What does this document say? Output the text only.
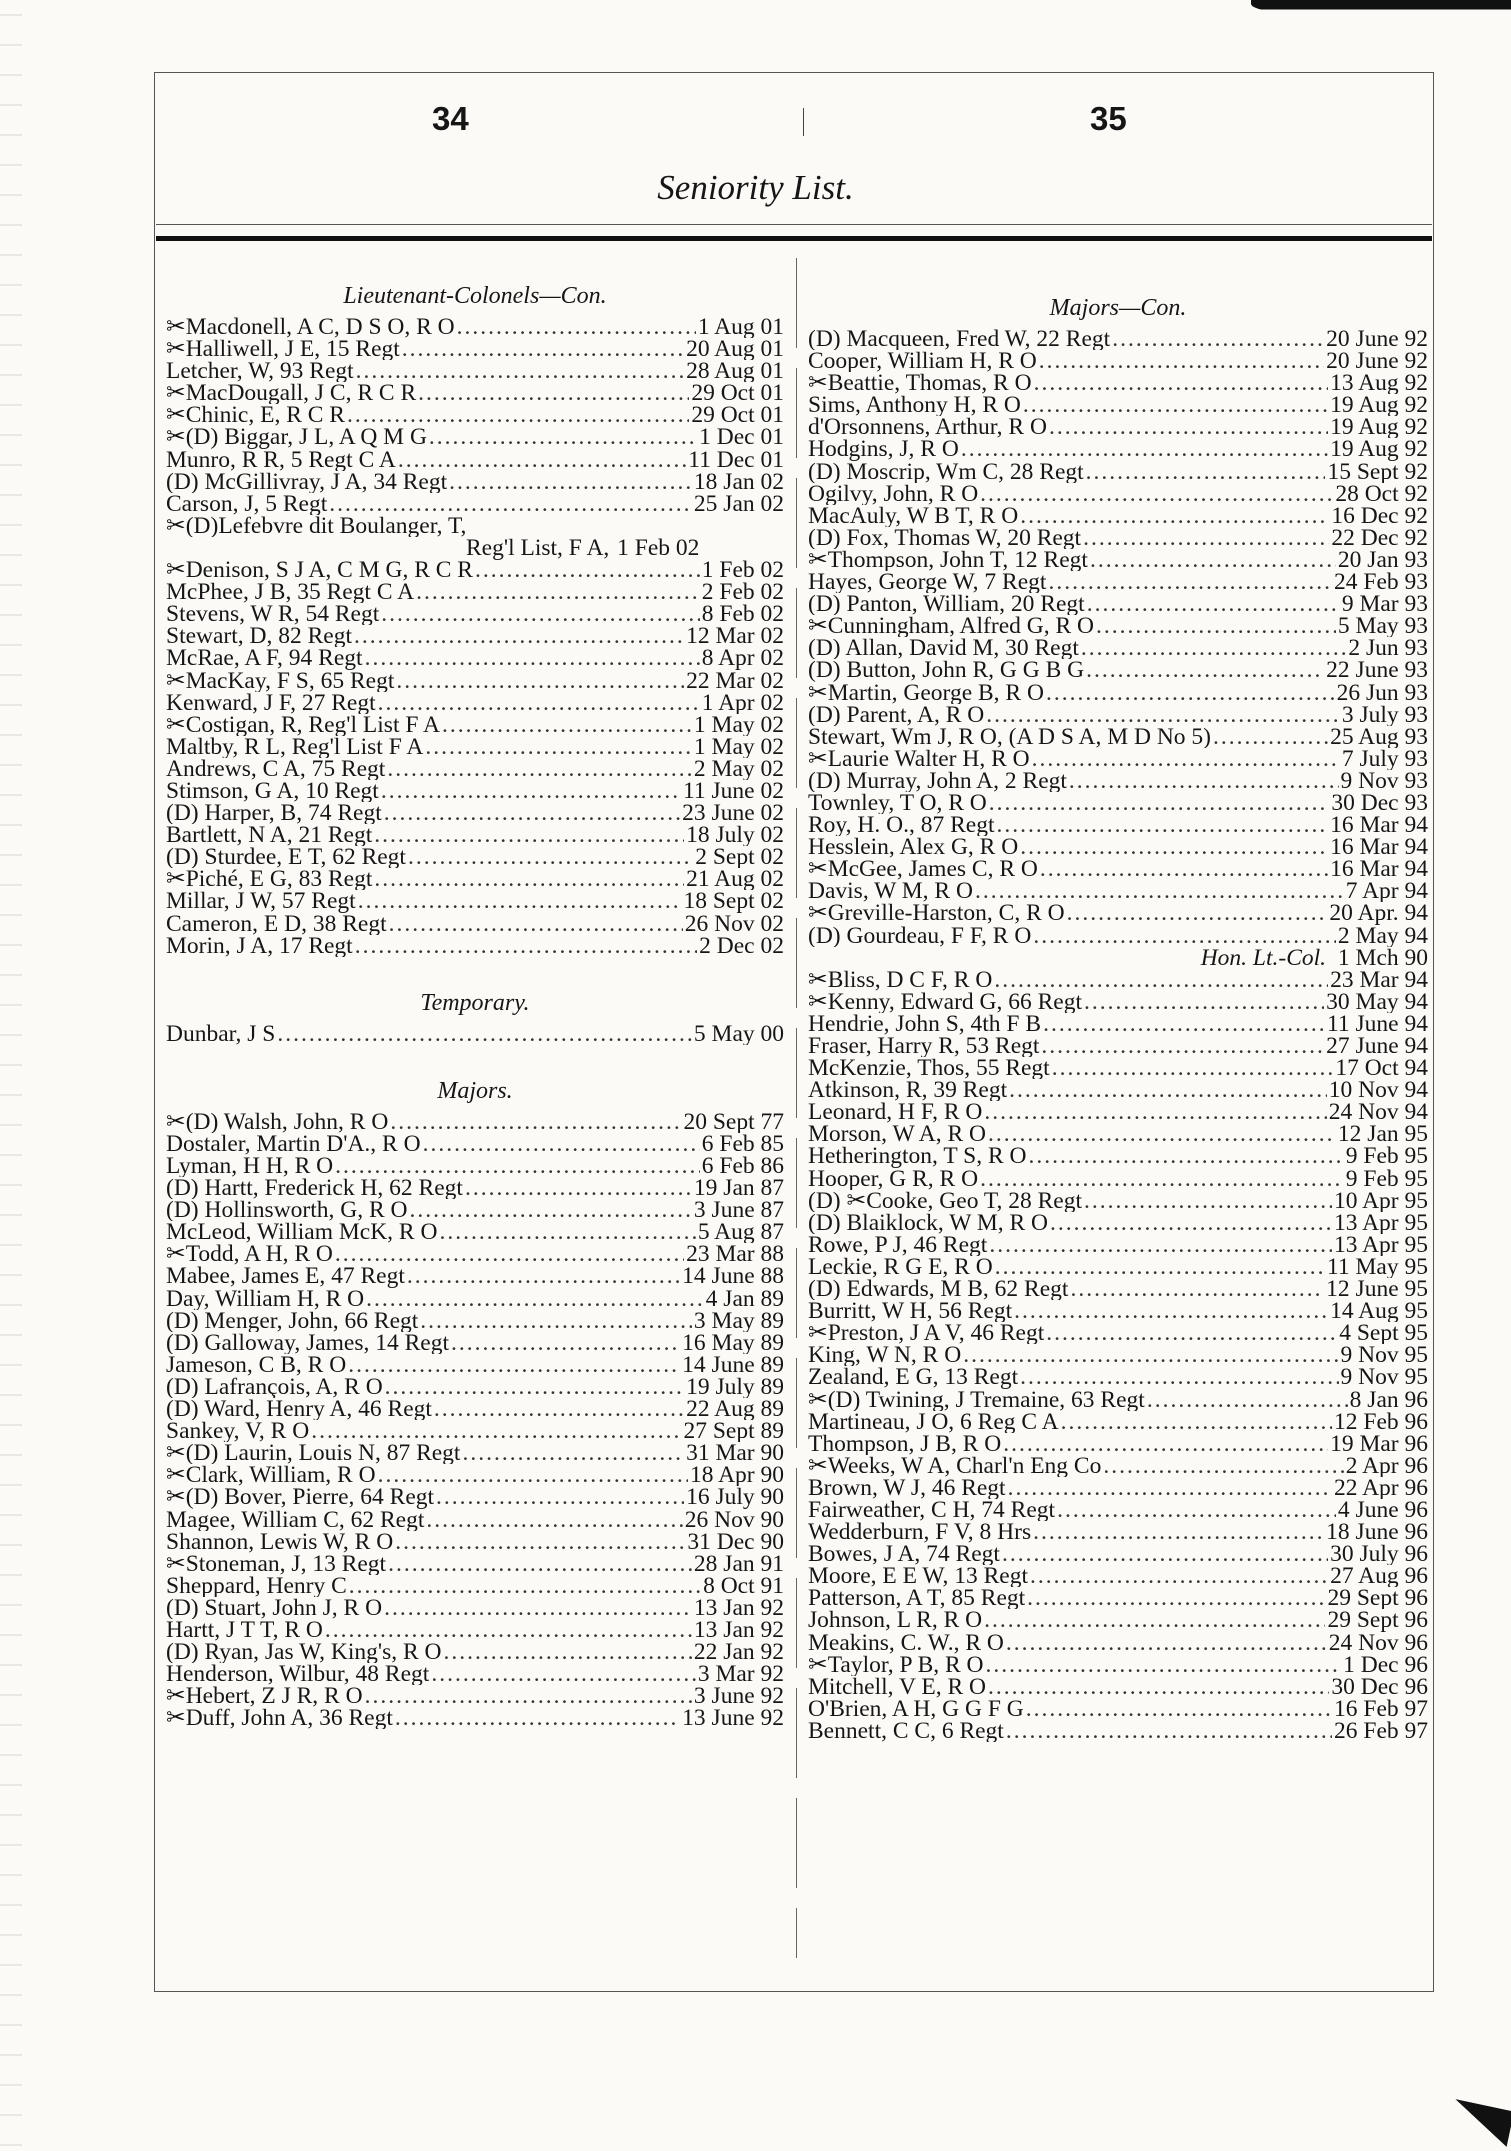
34	35
Seniority List.
Lieutenant-Colonels—Con.
✂Macdonell, A C, D S O, R O .....	1 Aug 01
✂Halliwell, J E, 15 Regt .....	20 Aug 01
Letcher, W, 93 Regt .....	28 Aug 01
✂MacDougall, J C, R C R .....	29 Oct 01
✂Chinic, E, R C R .....	29 Oct 01
✂(D) Biggar, J L, A Q M G .....	1 Dec 01
Munro, R R, 5 Regt C A .....	11 Dec 01
(D) McGillivray, J A, 34 Regt .....	18 Jan 02
Carson, J, 5 Regt .....	25 Jan 02
✂(D)Lefebvre dit Boulanger, T,
Reg'l List, F A, 1 Feb 02
✂Denison, S J A, C M G, R C R .....	1 Feb 02
McPhee, J B, 35 Regt C A .....	2 Feb 02
Stevens, W R, 54 Regt .....	8 Feb 02
Stewart, D, 82 Regt .....	12 Mar 02
McRae, A F, 94 Regt .....	8 Apr 02
✂MacKay, F S, 65 Regt .....	22 Mar 02
Kenward, J F, 27 Regt .....	1 Apr 02
✂Costigan, R, Reg'l List F A .....	1 May 02
Maltby, R L, Reg'l List F A .....	1 May 02
Andrews, C A, 75 Regt .....	2 May 02
Stimson, G A, 10 Regt .....	11 June 02
(D) Harper, B, 74 Regt .....	23 June 02
Bartlett, N A, 21 Regt .....	18 July 02
(D) Sturdee, E T, 62 Regt .....	2 Sept 02
✂Piché, E G, 83 Regt .....	21 Aug 02
Millar, J W, 57 Regt .....	18 Sept 02
Cameron, E D, 38 Regt .....	26 Nov 02
Morin, J A, 17 Regt .....	2 Dec 02
Temporary.
Dunbar, J S .....	5 May 00
Majors.
✂(D) Walsh, John, R O .....	20 Sept 77
Dostaler, Martin D'A., R O .....	6 Feb 85
Lyman, H H, R O .....	6 Feb 86
(D) Hartt, Frederick H, 62 Regt .....	19 Jan 87
(D) Hollinsworth, G, R O .....	3 June 87
McLeod, William McK, R O .....	5 Aug 87
✂Todd, A H, R O .....	23 Mar 88
Mabee, James E, 47 Regt .....	14 June 88
Day, William H, R O .....	4 Jan 89
(D) Menger, John, 66 Regt .....	3 May 89
(D) Galloway, James, 14 Regt .....	16 May 89
Jameson, C B, R O .....	14 June 89
(D) Lafrançois, A, R O .....	19 July 89
(D) Ward, Henry A, 46 Regt .....	22 Aug 89
Sankey, V, R O .....	27 Sept 89
✂(D) Laurin, Louis N, 87 Regt .....	31 Mar 90
✂Clark, William, R O .....	18 Apr 90
✂(D) Bover, Pierre, 64 Regt .....	16 July 90
Magee, William C, 62 Regt .....	26 Nov 90
Shannon, Lewis W, R O .....	31 Dec 90
✂Stoneman, J, 13 Regt .....	28 Jan 91
Sheppard, Henry C .....	8 Oct 91
(D) Stuart, John J, R O .....	13 Jan 92
Hartt, J T T, R O .....	13 Jan 92
(D) Ryan, Jas W, King's, R O .....	22 Jan 92
Henderson, Wilbur, 48 Regt .....	3 Mar 92
✂Hebert, Z J R, R O .....	3 June 92
✂Duff, John A, 36 Regt .....	13 June 92
Majors—Con.
(D) Macqueen, Fred W, 22 Regt .....	20 June 92
Cooper, William H, R O .....	20 June 92
✂Beattie, Thomas, R O .....	13 Aug 92
Sims, Anthony H, R O .....	19 Aug 92
d'Orsonnens, Arthur, R O .....	19 Aug 92
Hodgins, J, R O .....	19 Aug 92
(D) Moscrip, Wm C, 28 Regt .....	15 Sept 92
Ogilvy, John, R O .....	28 Oct 92
MacAuly, W B T, R O .....	16 Dec 92
(D) Fox, Thomas W, 20 Regt .....	22 Dec 92
✂Thompson, John T, 12 Regt .....	20 Jan 93
Hayes, George W, 7 Regt .....	24 Feb 93
(D) Panton, William, 20 Regt .....	9 Mar 93
✂Cunningham, Alfred G, R O .....	5 May 93
(D) Allan, David M, 30 Regt .....	2 Jun 93
(D) Button, John R, G G B G .....	22 June 93
✂Martin, George B, R O .....	26 Jun 93
(D) Parent, A, R O .....	3 July 93
Stewart, Wm J, R O, (A D S A, M D No 5) .....	25 Aug 93
✂Laurie Walter H, R O .....	7 July 93
(D) Murray, John A, 2 Regt .....	9 Nov 93
Townley, T O, R O .....	30 Dec 93
Roy, H. O., 87 Regt .....	16 Mar 94
Hesslein, Alex G, R O .....	16 Mar 94
✂McGee, James C, R O .....	16 Mar 94
Davis, W M, R O .....	7 Apr 94
✂Greville-Harston, C, R O .....	20 Apr. 94
(D) Gourdeau, F F, R O .....	2 May 94
Hon. Lt.-Col. 1 Mch 90
✂Bliss, D C F, R O .....	23 Mar 94
✂Kenny, Edward G, 66 Regt .....	30 May 94
Hendrie, John S, 4th F B .....	11 June 94
Fraser, Harry R, 53 Regt .....	27 June 94
McKenzie, Thos, 55 Regt .....	17 Oct 94
Atkinson, R, 39 Regt .....	10 Nov 94
Leonard, H F, R O .....	24 Nov 94
Morson, W A, R O .....	12 Jan 95
Hetherington, T S, R O .....	9 Feb 95
Hooper, G R, R O .....	9 Feb 95
(D) ✂Cooke, Geo T, 28 Regt .....	10 Apr 95
(D) Blaiklock, W M, R O .....	13 Apr 95
Rowe, P J, 46 Regt .....	13 Apr 95
Leckie, R G E, R O .....	11 May 95
(D) Edwards, M B, 62 Regt .....	12 June 95
Burritt, W H, 56 Regt .....	14 Aug 95
✂Preston, J A V, 46 Regt .....	4 Sept 95
King, W N, R O .....	9 Nov 95
Zealand, E G, 13 Regt .....	9 Nov 95
✂(D) Twining, J Tremaine, 63 Regt .....	8 Jan 96
Martineau, J O, 6 Reg C A .....	12 Feb 96
Thompson, J B, R O .....	19 Mar 96
✂Weeks, W A, Charl'n Eng Co .....	2 Apr 96
Brown, W J, 46 Regt .....	22 Apr 96
Fairweather, C H, 74 Regt .....	4 June 96
Wedderburn, F V, 8 Hrs .....	18 June 96
Bowes, J A, 74 Regt .....	30 July 96
Moore, E E W, 13 Regt .....	27 Aug 96
Patterson, A T, 85 Regt .....	29 Sept 96
Johnson, L R, R O .....	29 Sept 96
Meakins, C. W., R O .....	24 Nov 96
✂Taylor, P B, R O .....	1 Dec 96
Mitchell, V E, R O .....	30 Dec 96
O'Brien, A H, G G F G .....	16 Feb 97
Bennett, C C, 6 Regt .....	26 Feb 97
